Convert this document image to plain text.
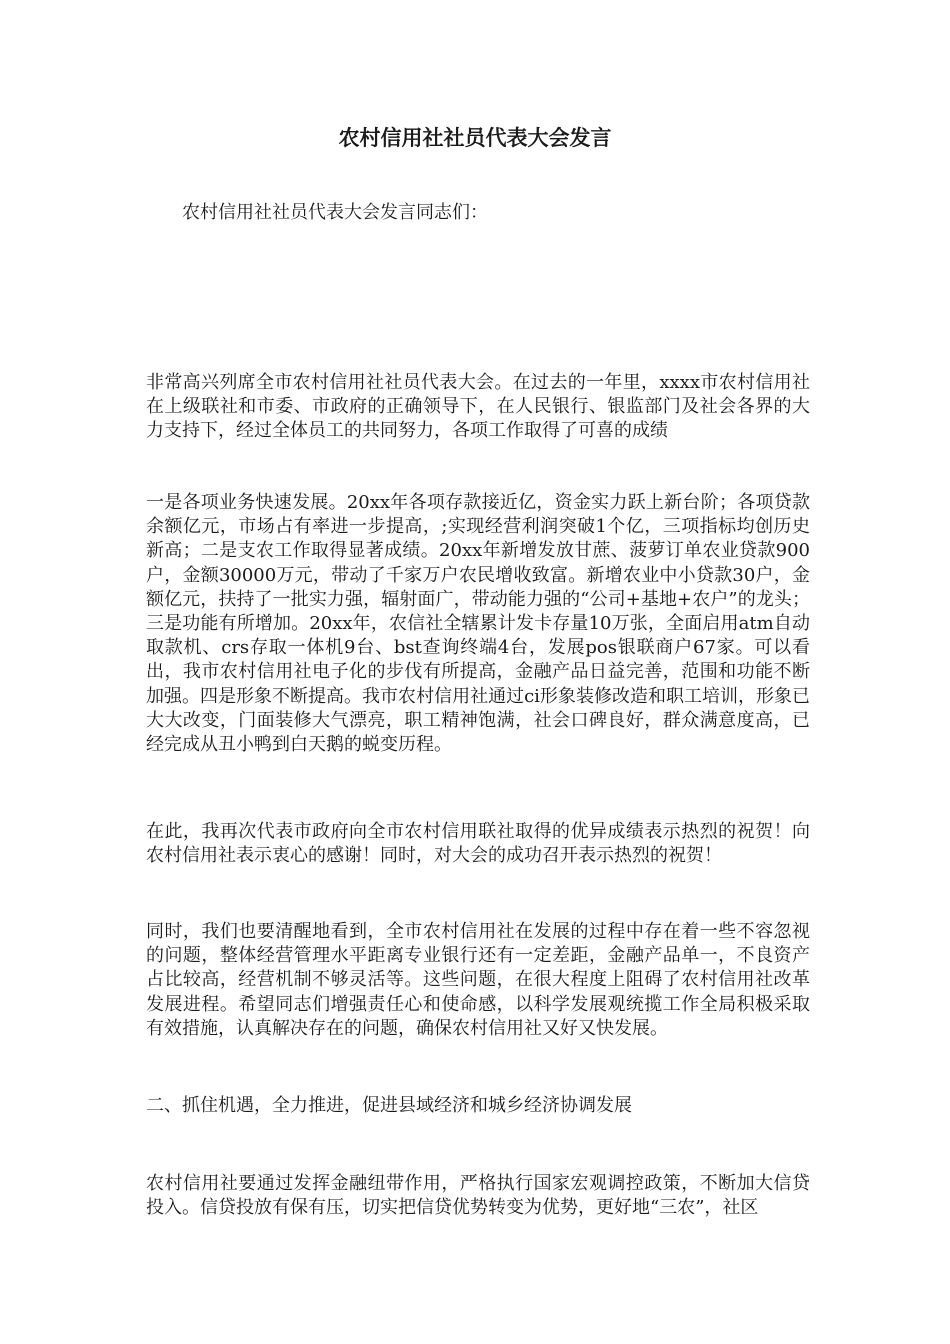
农村信用社社员代表大会发言

农村信用社社员代表大会发言同志们：

非常高兴列席全市农村信用社社员代表大会。在过去的一年里，xxxx市农村信用社在上级联社和市委、市政府的正确领导下，在人民银行、银监部门及社会各界的大力支持下，经过全体员工的共同努力，各项工作取得了可喜的成绩

一是各项业务快速发展。20xx年各项存款接近亿，资金实力跃上新台阶；各项贷款余额亿元，市场占有率进一步提高，;实现经营利润突破1个亿，三项指标均创历史新高；二是支农工作取得显著成绩。20xx年新增发放甘蔗、菠萝订单农业贷款900户，金额30000万元，带动了千家万户农民增收致富。新增农业中小贷款30户，金额亿元，扶持了一批实力强，辐射面广，带动能力强的“公司+基地+农户”的龙头；三是功能有所增加。20xx年，农信社全辖累计发卡存量10万张，全面启用atm自动取款机、crs存取一体机9台、bst查询终端4台，发展pos银联商户67家。可以看出，我市农村信用社电子化的步伐有所提高，金融产品日益完善，范围和功能不断加强。四是形象不断提高。我市农村信用社通过ci形象装修改造和职工培训，形象已大大改变，门面装修大气漂亮，职工精神饱满，社会口碑良好，群众满意度高，已经完成从丑小鸭到白天鹅的蜕变历程。

在此，我再次代表市政府向全市农村信用联社取得的优异成绩表示热烈的祝贺！向农村信用社表示衷心的感谢！同时，对大会的成功召开表示热烈的祝贺！

同时，我们也要清醒地看到，全市农村信用社在发展的过程中存在着一些不容忽视的问题，整体经营管理水平距离专业银行还有一定差距，金融产品单一，不良资产占比较高，经营机制不够灵活等。这些问题，在很大程度上阻碍了农村信用社改革发展进程。希望同志们增强责任心和使命感，以科学发展观统揽工作全局积极采取有效措施，认真解决存在的问题，确保农村信用社又好又快发展。

二、抓住机遇，全力推进，促进县域经济和城乡经济协调发展

农村信用社要通过发挥金融纽带作用，严格执行国家宏观调控政策，不断加大信贷投入。信贷投放有保有压，切实把信贷优势转变为优势，更好地“三农”，社区
